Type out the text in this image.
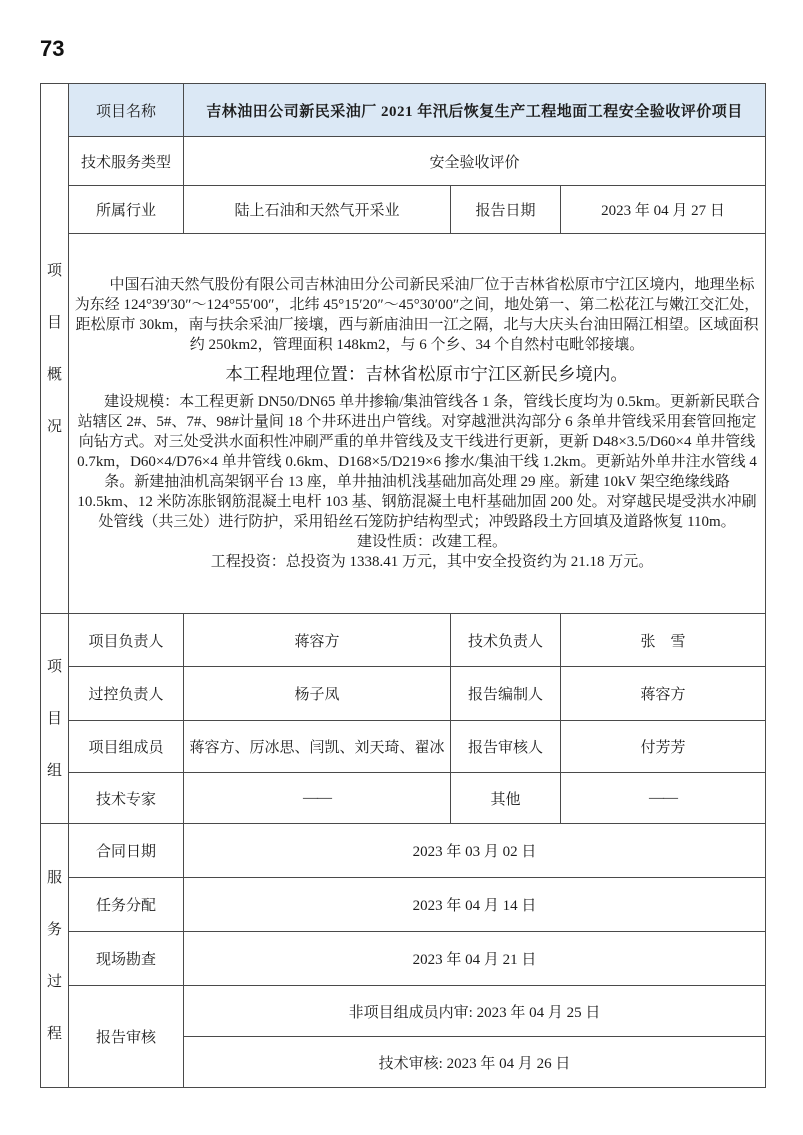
73
项目概况	项目名称	吉林油田公司新民采油厂 2021 年汛后恢复生产工程地面工程安全验收评价项目		
	技术服务类型	安全验收评价		
	所属行业	陆上石油和天然气开采业	报告日期	2023 年 04 月 27 日

	中国石油天然气股份有限公司吉林油田分公司新民采油厂位于吉林省松原市宁江区境内，地理坐标为东经 124°39′30″～124°55′00″，北纬 45°15′20″～45°30′00″之间，地处第一、第二松花江与嫩江交汇处，距松原市 30km，南与扶余采油厂接壤，西与新庙油田一江之隔，北与大庆头台油田隔江相望。区域面积约 250km2，管理面积 148km2，与 6 个乡、34 个自然村屯毗邻接壤。

本工程地理位置：吉林省松原市宁江区新民乡境内。

建设规模：本工程更新 DN50/DN65 单井掺输/集油管线各 1 条，管线长度均为 0.5km。更新新民联合站辖区 2#、5#、7#、98#计量间 18 个井环进出户管线。对穿越泄洪沟部分 6 条单井管线采用套管回拖定向钻方式。对三处受洪水面积性冲刷严重的单井管线及支干线进行更新，更新 D48×3.5/D60×4 单井管线 0.7km，D60×4/D76×4 单井管线 0.6km、D168×5/D219×6 掺水/集油干线 1.2km。更新站外单井注水管线 4 条。新建抽油机高架钢平台 13 座，单井抽油机浅基础加高处理 29 座。新建 10kV 架空绝缘线路 10.5km、12 米防冻胀钢筋混凝土电杆 103 基、钢筋混凝土电杆基础加固 200 处。对穿越民堤受洪水冲刷处管线（共三处）进行防护，采用铅丝石笼防护结构型式；冲毁路段土方回填及道路恢复 110m。

建设性质：改建工程。

工程投资：总投资为 1338.41 万元，其中安全投资约为 21.18 万元。			

项目组	项目负责人	蒋容方	技术负责人	张　雪
	过控负责人	杨子凤	报告编制人	蒋容方
	项目组成员	蒋容方、厉冰思、闫凯、刘天琦、翟冰	报告审核人	付芳芳
	技术专家	——	其他	——

服务过程	合同日期	2023 年 03 月 02 日		
	任务分配	2023 年 04 月 14 日		
	现场勘查	2023 年 04 月 21 日		
	报告审核	非项目组成员内审: 2023 年 04 月 25 日		
		技术审核: 2023 年 04 月 26 日		
